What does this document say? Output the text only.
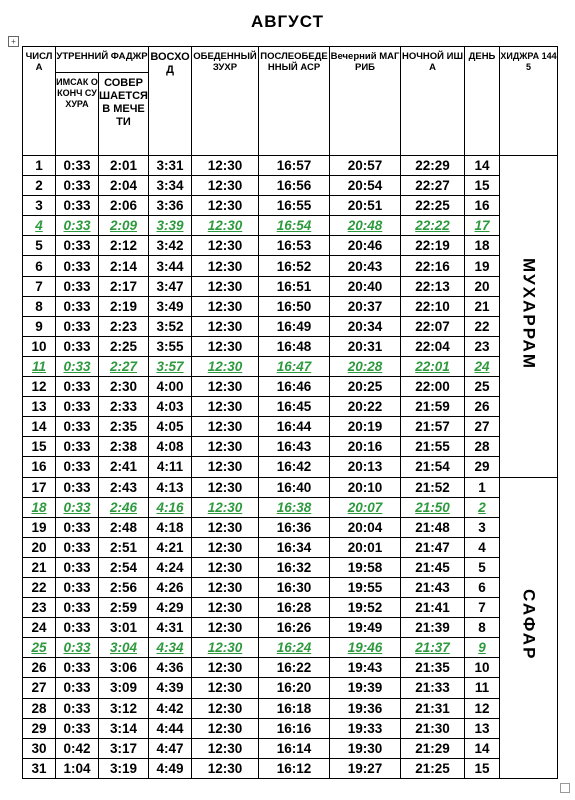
АВГУСТ
+
ЧИСЛА	УТРЕННИЙ ФАДЖР		ВОСХОД	ОБЕДЕННЫЙ ЗУХР	ПОСЛЕОБЕДЕННЫЙ АСР	Вечерний МАГРИБ	НОЧНОЙ ИША	ДЕНЬ	ХИДЖРА 1445
	ИМСАК ОКОНЧ СУХУРА	СОВЕРШАЕТСЯ В МЕЧЕТИ							
1	0:33	2:01	3:31	12:30	16:57	20:57	22:29	14	МУХАРРАМ
2	0:33	2:04	3:34	12:30	16:56	20:54	22:27	15	
3	0:33	2:06	3:36	12:30	16:55	20:51	22:25	16	
4	0:33	2:09	3:39	12:30	16:54	20:48	22:22	17	
5	0:33	2:12	3:42	12:30	16:53	20:46	22:19	18	
6	0:33	2:14	3:44	12:30	16:52	20:43	22:16	19	
7	0:33	2:17	3:47	12:30	16:51	20:40	22:13	20	
8	0:33	2:19	3:49	12:30	16:50	20:37	22:10	21	
9	0:33	2:23	3:52	12:30	16:49	20:34	22:07	22	
10	0:33	2:25	3:55	12:30	16:48	20:31	22:04	23	
11	0:33	2:27	3:57	12:30	16:47	20:28	22:01	24	
12	0:33	2:30	4:00	12:30	16:46	20:25	22:00	25	
13	0:33	2:33	4:03	12:30	16:45	20:22	21:59	26	
14	0:33	2:35	4:05	12:30	16:44	20:19	21:57	27	
15	0:33	2:38	4:08	12:30	16:43	20:16	21:55	28	
16	0:33	2:41	4:11	12:30	16:42	20:13	21:54	29	
17	0:33	2:43	4:13	12:30	16:40	20:10	21:52	1	САФАР
18	0:33	2:46	4:16	12:30	16:38	20:07	21:50	2	
19	0:33	2:48	4:18	12:30	16:36	20:04	21:48	3	
20	0:33	2:51	4:21	12:30	16:34	20:01	21:47	4	
21	0:33	2:54	4:24	12:30	16:32	19:58	21:45	5	
22	0:33	2:56	4:26	12:30	16:30	19:55	21:43	6	
23	0:33	2:59	4:29	12:30	16:28	19:52	21:41	7	
24	0:33	3:01	4:31	12:30	16:26	19:49	21:39	8	
25	0:33	3:04	4:34	12:30	16:24	19:46	21:37	9	
26	0:33	3:06	4:36	12:30	16:22	19:43	21:35	10	
27	0:33	3:09	4:39	12:30	16:20	19:39	21:33	11	
28	0:33	3:12	4:42	12:30	16:18	19:36	21:31	12	
29	0:33	3:14	4:44	12:30	16:16	19:33	21:30	13	
30	0:42	3:17	4:47	12:30	16:14	19:30	21:29	14	
31	1:04	3:19	4:49	12:30	16:12	19:27	21:25	15	
